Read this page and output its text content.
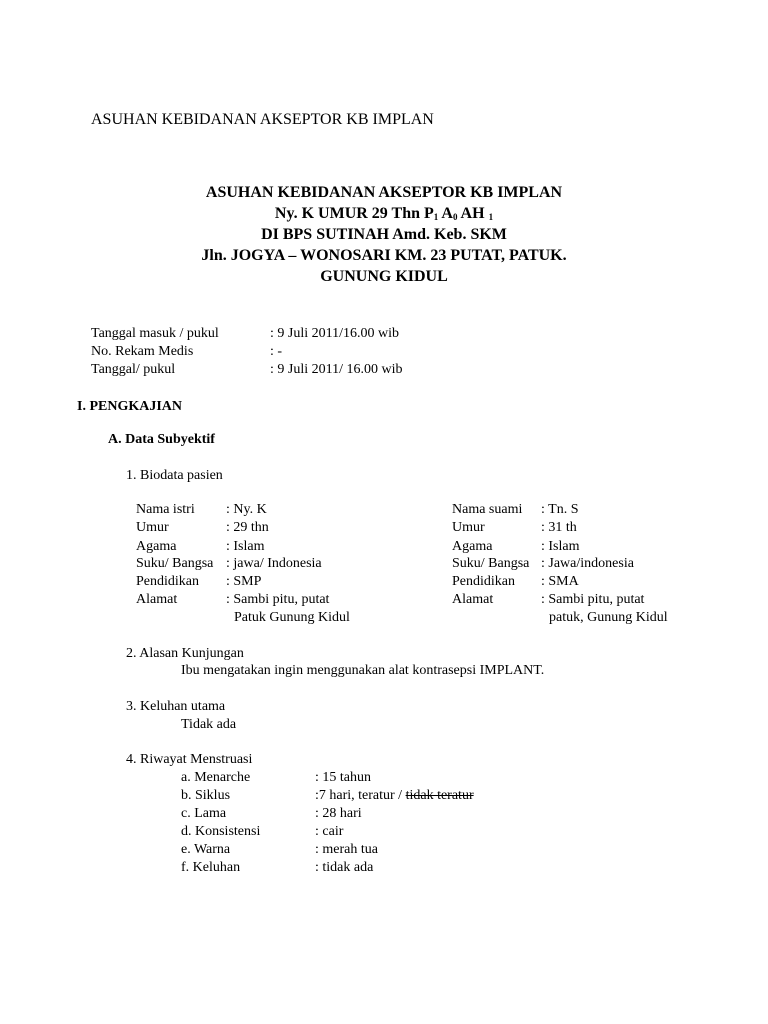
ASUHAN KEBIDANAN AKSEPTOR KB IMPLAN
ASUHAN KEBIDANAN AKSEPTOR KB IMPLAN
Ny. K UMUR 29 Thn $P_1$ $A_0$ AH $_1$
DI BPS SUTINAH Amd. Keb. SKM
Jln. JOGYA – WONOSARI KM. 23 PUTAT, PATUK.
GUNUNG KIDUL
Tanggal masuk / pukul	: 9 Juli 2011/16.00 wib
No. Rekam Medis	: -
Tanggal/ pukul	: 9 Juli 2011/ 16.00 wib
I. PENGKAJIAN
A. Data Subyektif
1. Biodata pasien
Nama istri : Ny. K
Umur	: 29 thn
Agama	: Islam
Suku/ Bangsa : jawa/ Indonesia
Pendidikan : SMP
Alamat	: Sambi pitu, putat
Patuk Gunung Kidul
Nama suami : Tn. S
Umur	: 31 th
Agama	: Islam
Suku/ Bangsa : Jawa/indonesia
Pendidikan : SMA
Alamat	: Sambi pitu, putat
patuk, Gunung Kidul
2. Alasan Kunjungan
Ibu mengatakan ingin menggunakan alat kontrasepsi IMPLANT.
3. Keluhan utama
Tidak ada
4. Riwayat Menstruasi
a. Menarche	: 15 tahun
b. Siklus	:7 hari, teratur / tidak teratur
c. Lama	: 28 hari
d. Konsistensi	: cair
e. Warna	: merah tua
f. Keluhan	: tidak ada
